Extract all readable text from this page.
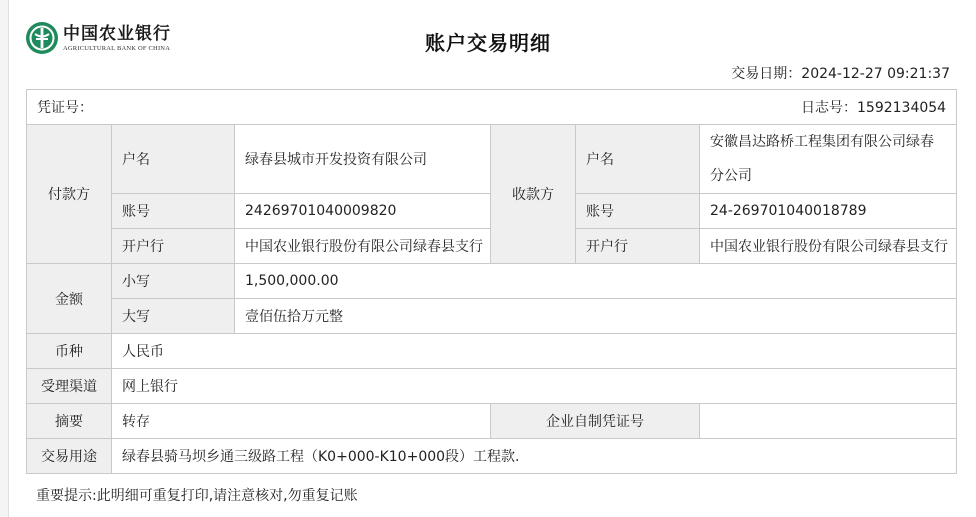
中国农业银行
AGRICULTURAL BANK OF CHINA	账户交易明细
交易日期：2024-12-27 09:21:37
凭证号： 日志号：1592134054					

付款方	户名	绿春县城市开发投资有限公司	收款方	户名	安徽昌达路桥工程集团有限公司绿春分公司
	账号	24269701040009820		账号	24-269701040018789
	开户行	中国农业银行股份有限公司绿春县支行		开户行	中国农业银行股份有限公司绿春县支行
金额	小写	1,500,000.00			
	大写	壹佰伍拾万元整			
币种	人民币				
受理渠道	网上银行				
摘要	转存		企业自制凭证号		
交易用途	绿春县骑马坝乡通三级路工程（K0+000-K10+000段）工程款.				
重要提示:此明细可重复打印,请注意核对,勿重复记账
